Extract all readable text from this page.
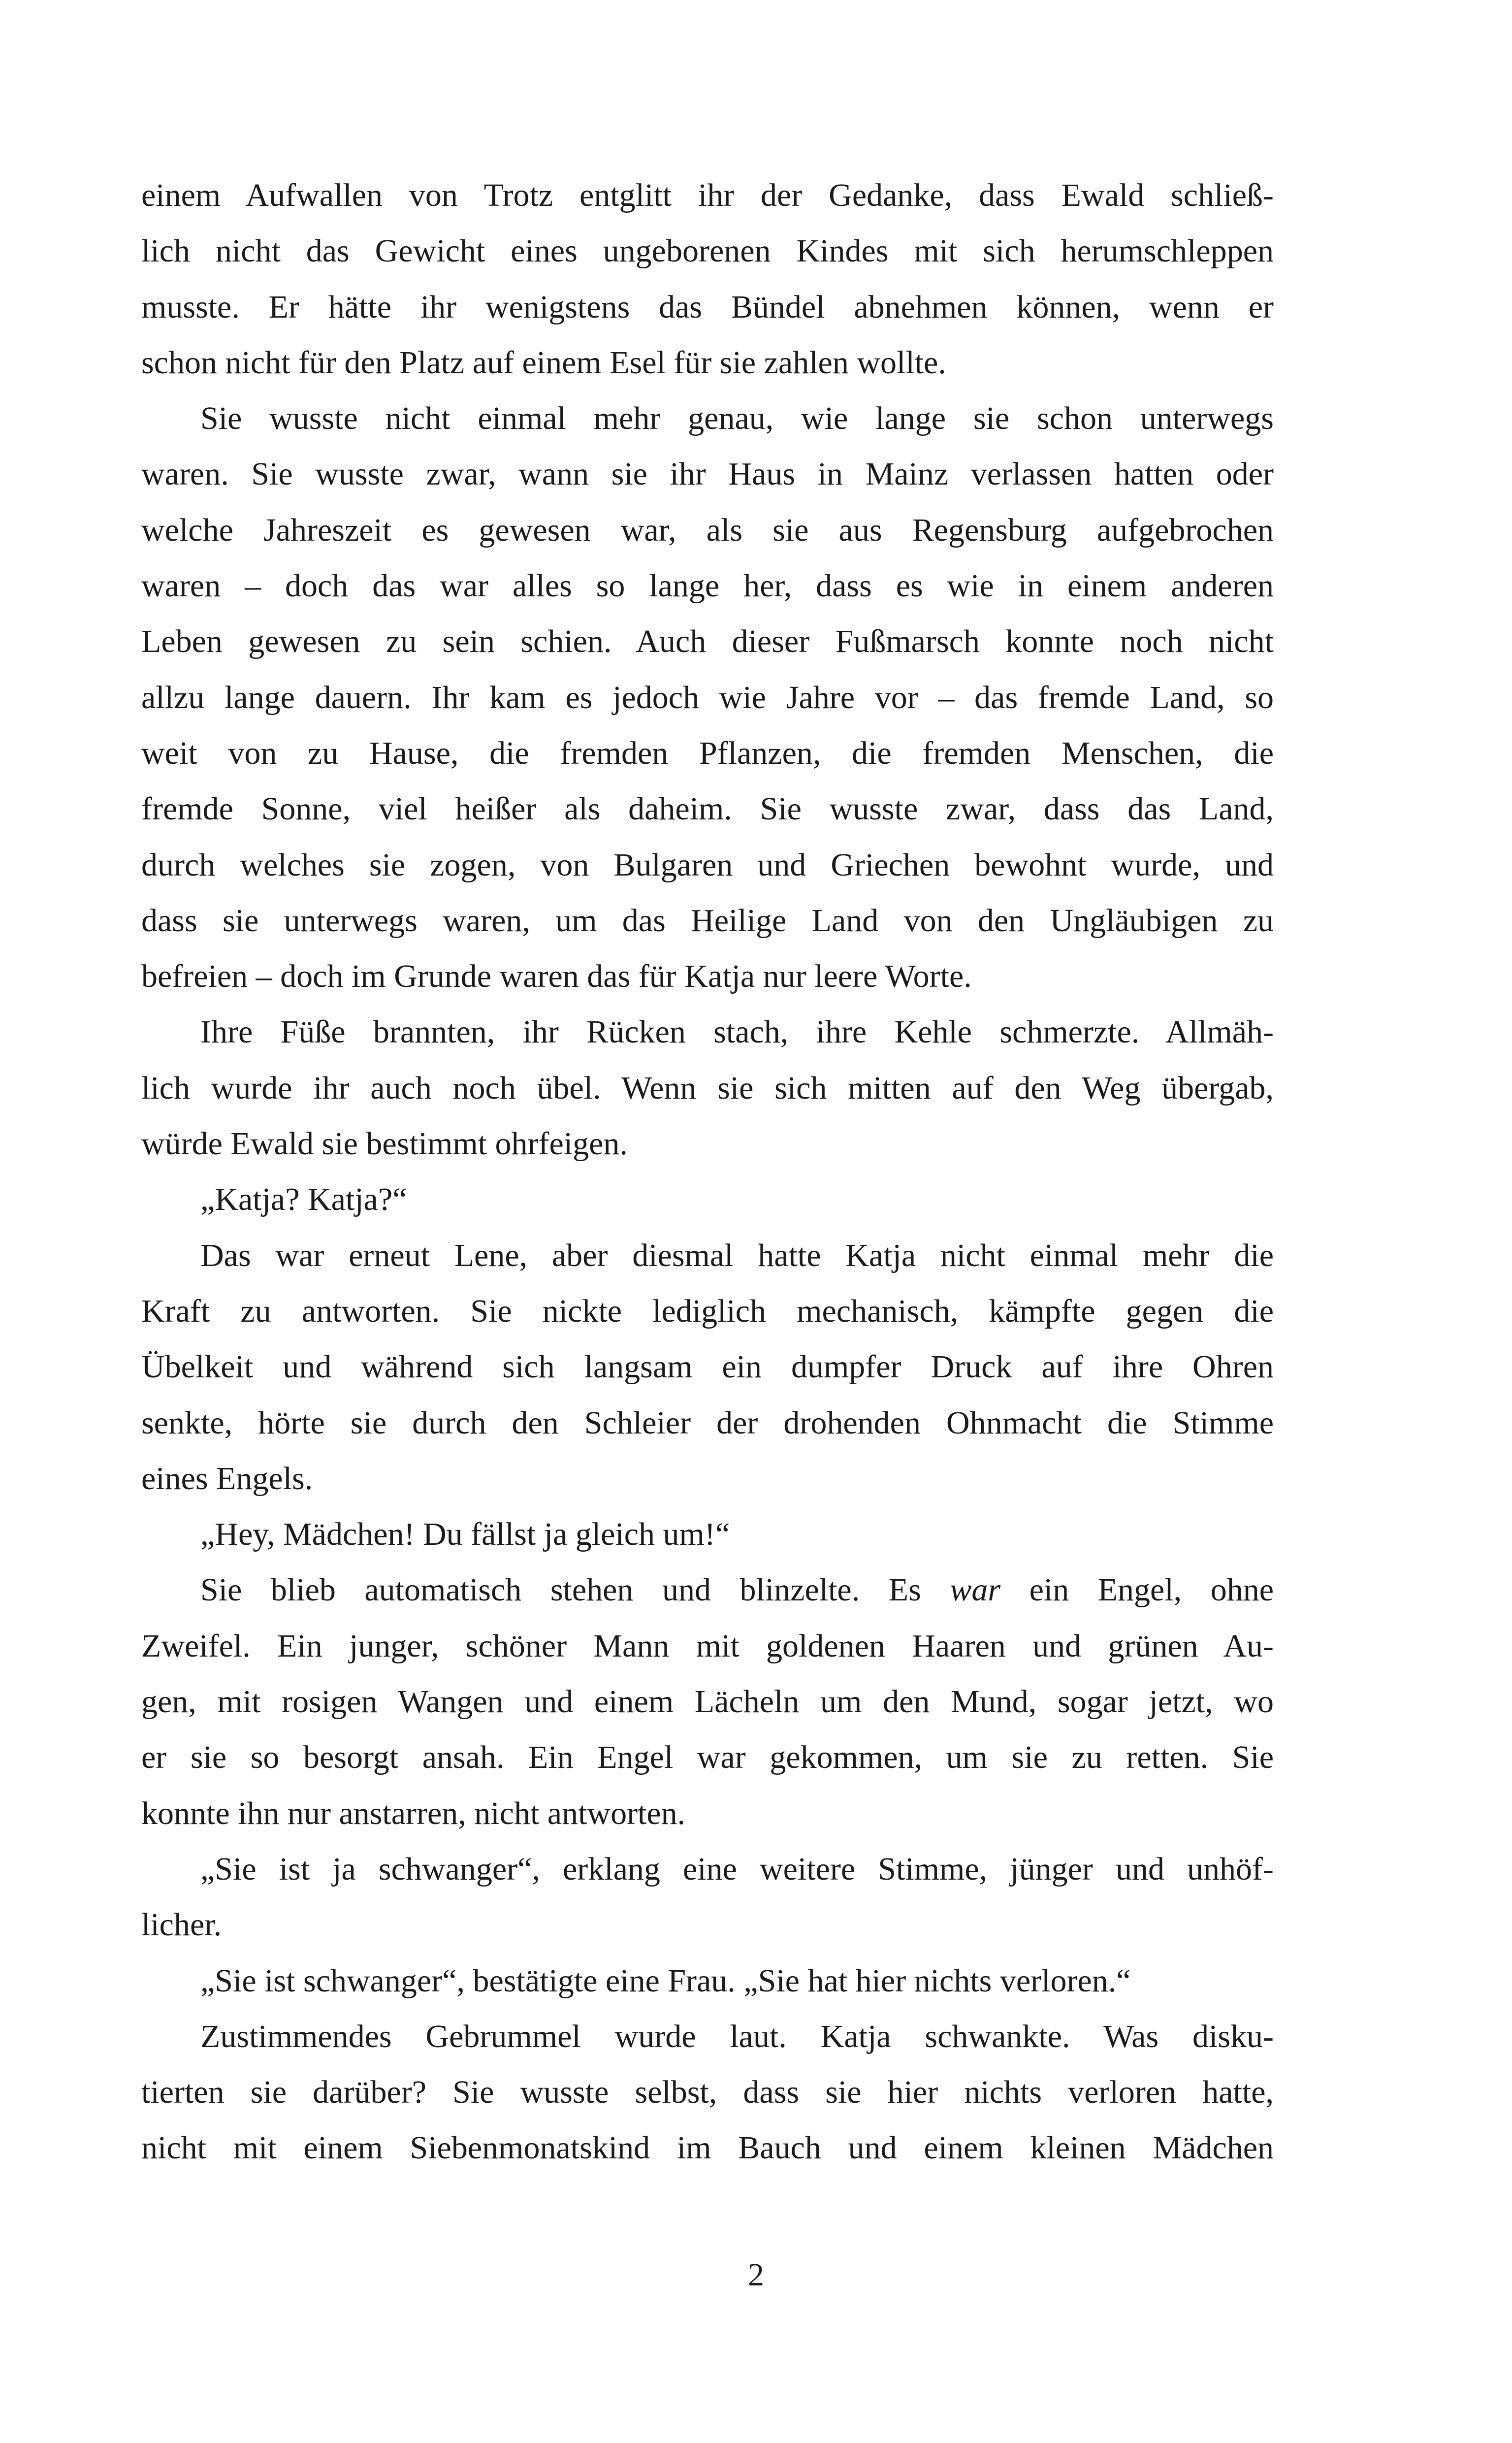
einem Aufwallen von Trotz entglitt ihr der Gedanke, dass Ewald schließ-
lich nicht das Gewicht eines ungeborenen Kindes mit sich herumschleppen
musste. Er hätte ihr wenigstens das Bündel abnehmen können, wenn er
schon nicht für den Platz auf einem Esel für sie zahlen wollte.
Sie wusste nicht einmal mehr genau, wie lange sie schon unterwegs
waren. Sie wusste zwar, wann sie ihr Haus in Mainz verlassen hatten oder
welche Jahreszeit es gewesen war, als sie aus Regensburg aufgebrochen
waren – doch das war alles so lange her, dass es wie in einem anderen
Leben gewesen zu sein schien. Auch dieser Fußmarsch konnte noch nicht
allzu lange dauern. Ihr kam es jedoch wie Jahre vor – das fremde Land, so
weit von zu Hause, die fremden Pflanzen, die fremden Menschen, die
fremde Sonne, viel heißer als daheim. Sie wusste zwar, dass das Land,
durch welches sie zogen, von Bulgaren und Griechen bewohnt wurde, und
dass sie unterwegs waren, um das Heilige Land von den Ungläubigen zu
befreien – doch im Grunde waren das für Katja nur leere Worte.
Ihre Füße brannten, ihr Rücken stach, ihre Kehle schmerzte. Allmäh-
lich wurde ihr auch noch übel. Wenn sie sich mitten auf den Weg übergab,
würde Ewald sie bestimmt ohrfeigen.
„Katja? Katja?“
Das war erneut Lene, aber diesmal hatte Katja nicht einmal mehr die
Kraft zu antworten. Sie nickte lediglich mechanisch, kämpfte gegen die
Übelkeit und während sich langsam ein dumpfer Druck auf ihre Ohren
senkte, hörte sie durch den Schleier der drohenden Ohnmacht die Stimme
eines Engels.
„Hey, Mädchen! Du fällst ja gleich um!“
Sie blieb automatisch stehen und blinzelte. Es war ein Engel, ohne
Zweifel. Ein junger, schöner Mann mit goldenen Haaren und grünen Au-
gen, mit rosigen Wangen und einem Lächeln um den Mund, sogar jetzt, wo
er sie so besorgt ansah. Ein Engel war gekommen, um sie zu retten. Sie
konnte ihn nur anstarren, nicht antworten.
„Sie ist ja schwanger“, erklang eine weitere Stimme, jünger und unhöf-
licher.
„Sie ist schwanger“, bestätigte eine Frau. „Sie hat hier nichts verloren.“
Zustimmendes Gebrummel wurde laut. Katja schwankte. Was disku-
tierten sie darüber? Sie wusste selbst, dass sie hier nichts verloren hatte,
nicht mit einem Siebenmonatskind im Bauch und einem kleinen Mädchen
2
